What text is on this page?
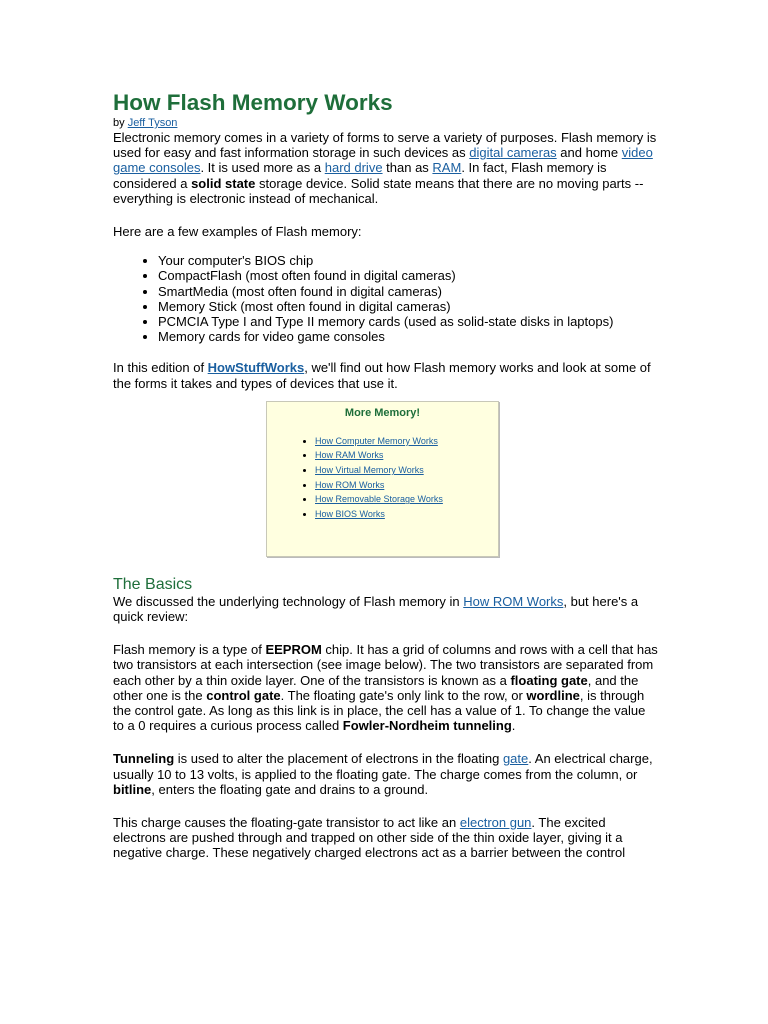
How Flash Memory Works
by Jeff Tyson

Electronic memory comes in a variety of forms to serve a variety of purposes. Flash memory is used for easy and fast information storage in such devices as digital cameras and home video game consoles. It is used more as a hard drive than as RAM. In fact, Flash memory is considered a solid state storage device. Solid state means that there are no moving parts -- everything is electronic instead of mechanical.

Here are a few examples of Flash memory:

• Your computer's BIOS chip
• CompactFlash (most often found in digital cameras)
• SmartMedia (most often found in digital cameras)
• Memory Stick (most often found in digital cameras)
• PCMCIA Type I and Type II memory cards (used as solid-state disks in laptops)
• Memory cards for video game consoles

In this edition of HowStuffWorks, we'll find out how Flash memory works and look at some of the forms it takes and types of devices that use it.

More Memory!
• How Computer Memory Works
• How RAM Works
• How Virtual Memory Works
• How ROM Works
• How Removable Storage Works
• How BIOS Works
The Basics

We discussed the underlying technology of Flash memory in How ROM Works, but here's a quick review:

Flash memory is a type of EEPROM chip. It has a grid of columns and rows with a cell that has two transistors at each intersection (see image below). The two transistors are separated from each other by a thin oxide layer. One of the transistors is known as a floating gate, and the other one is the control gate. The floating gate's only link to the row, or wordline, is through the control gate. As long as this link is in place, the cell has a value of 1. To change the value to a 0 requires a curious process called Fowler-Nordheim tunneling.

Tunneling is used to alter the placement of electrons in the floating gate. An electrical charge, usually 10 to 13 volts, is applied to the floating gate. The charge comes from the column, or bitline, enters the floating gate and drains to a ground.

This charge causes the floating-gate transistor to act like an electron gun. The excited electrons are pushed through and trapped on other side of the thin oxide layer, giving it a negative charge. These negatively charged electrons act as a barrier between the control
